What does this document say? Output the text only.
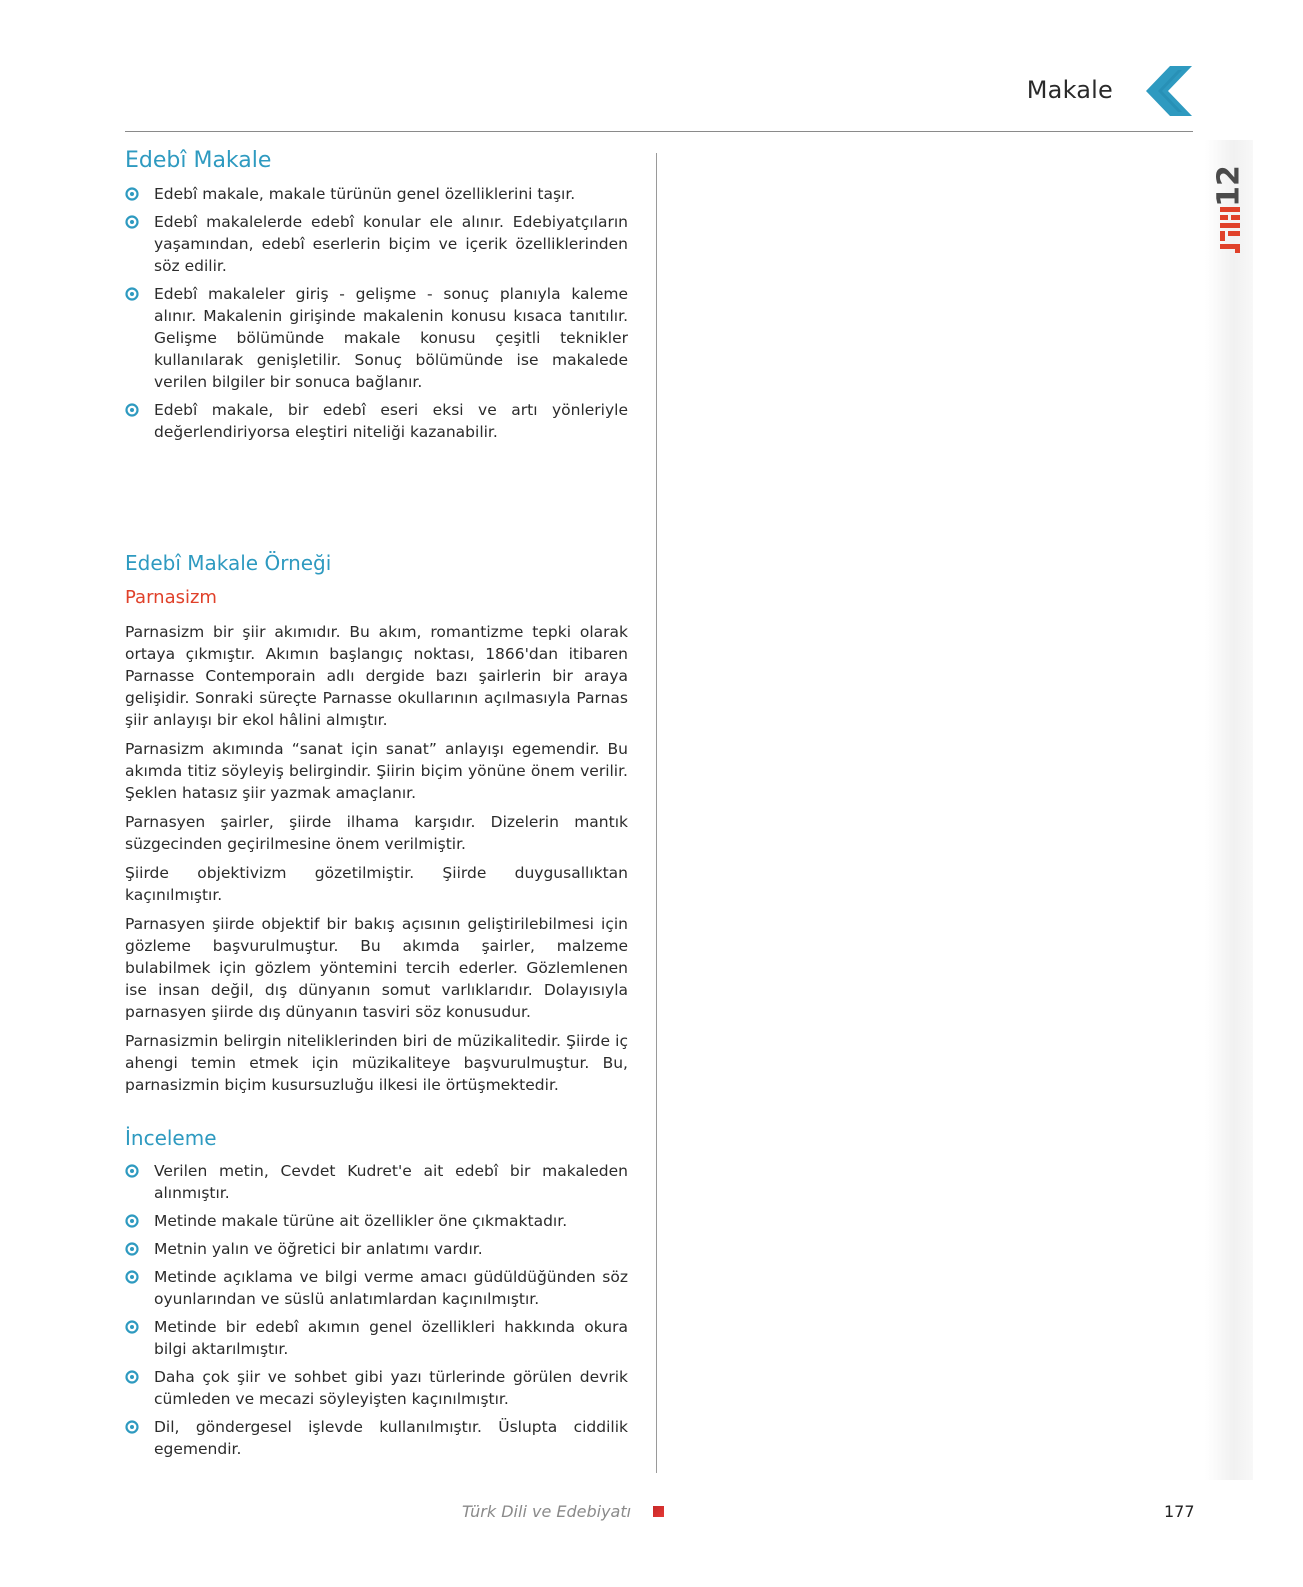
Makale
12
Edebî Makale
Edebî makale, makale türünün genel özelliklerini taşır.
Edebî makalelerde edebî konular ele alınır. Edebiyatçıların yaşamından, edebî eserlerin biçim ve içerik özelliklerinden söz edilir.
Edebî makaleler giriş - gelişme - sonuç planıyla kaleme alınır. Makalenin girişinde makalenin konusu kısaca tanıtılır. Gelişme bölümünde makale konusu çeşitli teknikler kullanılarak genişletilir. Sonuç bölümünde ise makalede verilen bilgiler bir sonuca bağlanır.
Edebî makale, bir edebî eseri eksi ve artı yönleriyle değerlendiriyorsa eleştiri niteliği kazanabilir.
Edebî Makale Örneği
Parnasizm

Parnasizm bir şiir akımıdır. Bu akım, romantizme tepki olarak ortaya çıkmıştır. Akımın başlangıç noktası, 1866'dan itibaren Parnasse Contemporain adlı dergide bazı şairlerin bir araya gelişidir. Sonraki süreçte Parnasse okullarının açılmasıyla Parnas şiir anlayışı bir ekol hâlini almıştır.

Parnasizm akımında “sanat için sanat” anlayışı egemendir. Bu akımda titiz söyleyiş belirgindir. Şiirin biçim yönüne önem verilir. Şeklen hatasız şiir yazmak amaçlanır.

Parnasyen şairler, şiirde ilhama karşıdır. Dizelerin mantık süzgecinden geçirilmesine önem verilmiştir.

Şiirde objektivizm gözetilmiştir. Şiirde duygusallıktan kaçınılmıştır.

Parnasyen şiirde objektif bir bakış açısının geliştirilebilmesi için gözleme başvurulmuştur. Bu akımda şairler, malzeme bulabilmek için gözlem yöntemini tercih ederler. Gözlemlenen ise insan değil, dış dünyanın somut varlıklarıdır. Dolayısıyla parnasyen şiirde dış dünyanın tasviri söz konusudur.

Parnasizmin belirgin niteliklerinden biri de müzikalitedir. Şiirde iç ahengi temin etmek için müzikaliteye başvurulmuştur. Bu, parnasizmin biçim kusursuzluğu ilkesi ile örtüşmektedir.

İnceleme
Verilen metin, Cevdet Kudret'e ait edebî bir makaleden alınmıştır.
Metinde makale türüne ait özellikler öne çıkmaktadır.
Metnin yalın ve öğretici bir anlatımı vardır.
Metinde açıklama ve bilgi verme amacı güdüldüğünden söz oyunlarından ve süslü anlatımlardan kaçınılmıştır.
Metinde bir edebî akımın genel özellikleri hakkında okura bilgi aktarılmıştır.
Daha çok şiir ve sohbet gibi yazı türlerinde görülen devrik cümleden ve mecazi söyleyişten kaçınılmıştır.
Dil, göndergesel işlevde kullanılmıştır. Üslupta ciddilik egemendir.
Türk Dili ve Edebiyatı	177
